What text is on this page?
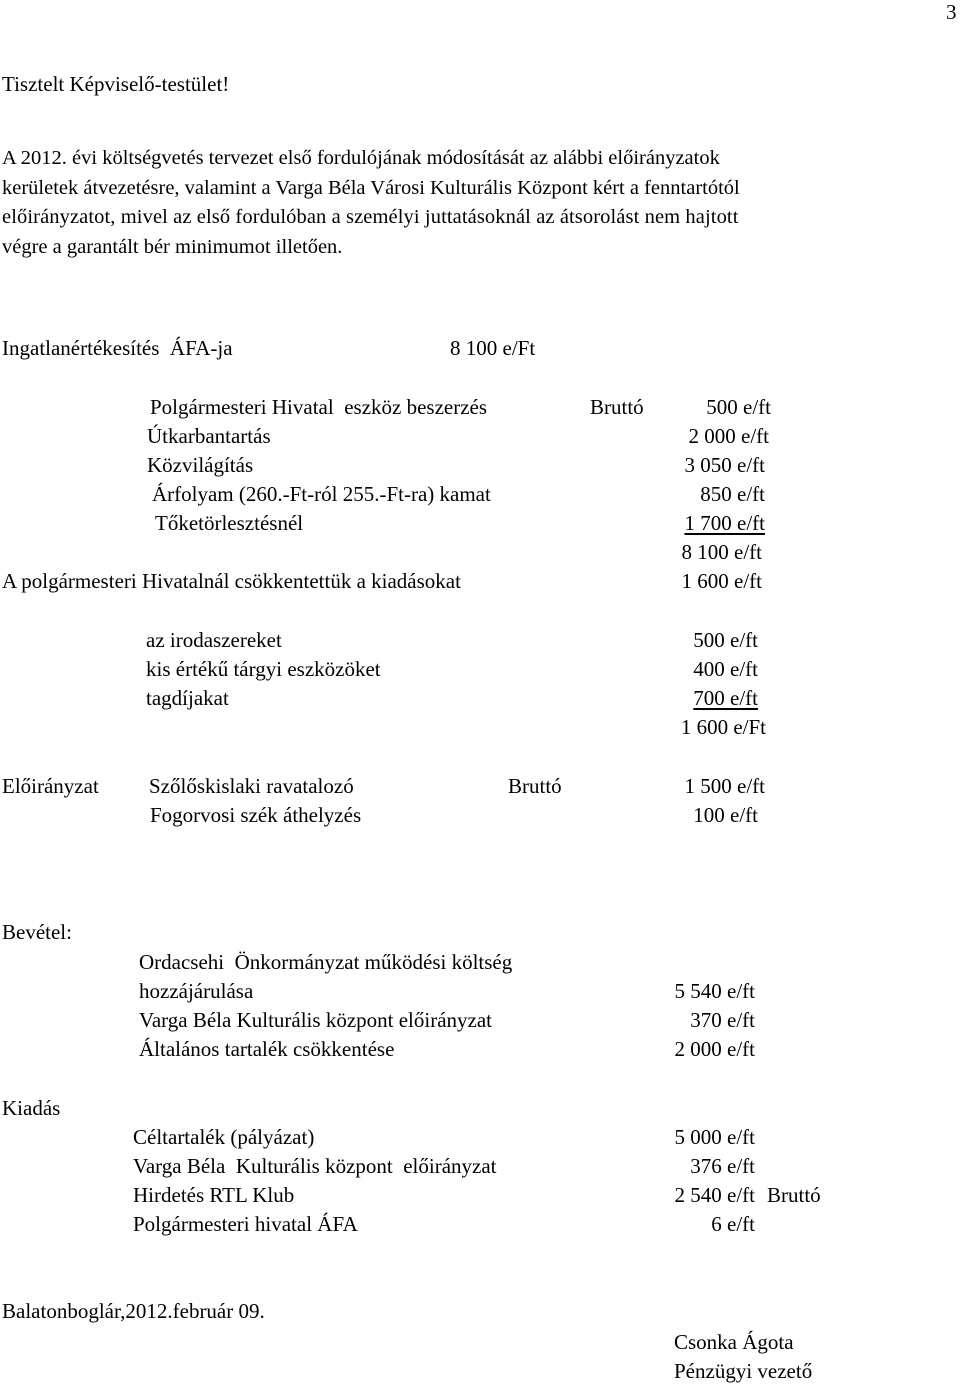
3
Tisztelt Képviselő-testület!
A 2012. évi költségvetés tervezet első fordulójának módosítását az alábbi előirányzatok
kerületek átvezetésre, valamint a Varga Béla Városi Kulturális Központ kért a fenntartótól
előirányzatot, mivel az első fordulóban a személyi juttatásoknál az átsorolást nem hajtott
végre a garantált bér minimumot illetően.
Ingatlanértékesítés  ÁFA-ja	8 100 e/Ft
Polgármesteri Hivatal  eszköz beszerzés	Bruttó	500 e/ft
Útkarbantartás	2 000 e/ft
Közvilágítás	3 050 e/ft
Árfolyam (260.-Ft-ról 255.-Ft-ra) kamat	850 e/ft
Tőketörlesztésnél	1 700 e/ft
8 100 e/ft
A polgármesteri Hivatalnál csökkentettük a kiadásokat	1 600 e/ft
az irodaszereket	500 e/ft
kis értékű tárgyi eszközöket	400 e/ft
tagdíjakat	700 e/ft
1 600 e/Ft
Előirányzat Szőlőskislaki ravatalozó	Bruttó	1 500 e/ft
Fogorvosi szék áthelyzés	100 e/ft
Bevétel:
Ordacsehi  Önkormányzat működési költség
hozzájárulása	5 540 e/ft
Varga Béla Kulturális központ előirányzat	370 e/ft
Általános tartalék csökkentése	2 000 e/ft
Kiadás
Céltartalék (pályázat)	5 000 e/ft
Varga Béla  Kulturális központ  előirányzat	376 e/ft
Hirdetés RTL Klub	2 540 e/ft Bruttó
Polgármesteri hivatal ÁFA	6 e/ft
Balatonboglár,2012.február 09.
Csonka Ágota
Pénzügyi vezető
